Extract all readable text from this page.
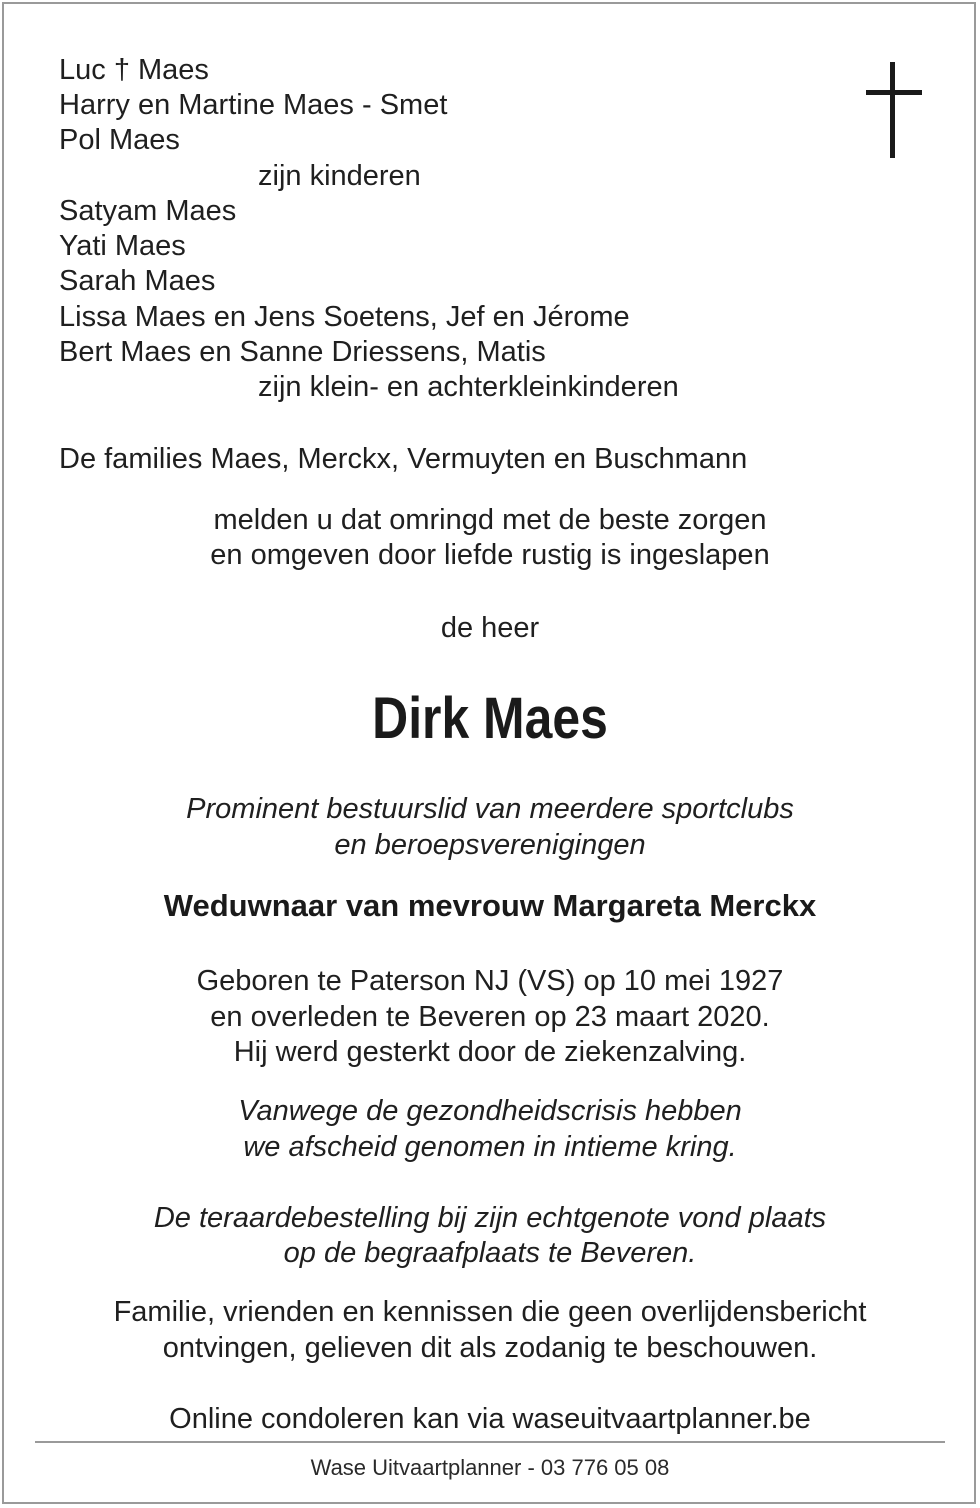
Luc † Maes
Harry en Martine Maes - Smet
Pol Maes
zijn kinderen
Satyam Maes
Yati Maes
Sarah Maes
Lissa Maes en Jens Soetens, Jef en Jérome
Bert Maes en Sanne Driessens, Matis
zijn klein- en achterkleinkinderen
De families Maes, Merckx, Vermuyten en Buschmann
melden u dat omringd met de beste zorgen
en omgeven door liefde rustig is ingeslapen
de heer
Dirk Maes
Prominent bestuurslid van meerdere sportclubs
en beroepsverenigingen
Weduwnaar van mevrouw Margareta Merckx
Geboren te Paterson NJ (VS) op 10 mei 1927
en overleden te Beveren op 23 maart 2020.
Hij werd gesterkt door de ziekenzalving.
Vanwege de gezondheidscrisis hebben
we afscheid genomen in intieme kring.
De teraardebestelling bij zijn echtgenote vond plaats
op de begraafplaats te Beveren.
Familie, vrienden en kennissen die geen overlijdensbericht
ontvingen, gelieven dit als zodanig te beschouwen.
Online condoleren kan via waseuitvaartplanner.be
Wase Uitvaartplanner - 03 776 05 08
